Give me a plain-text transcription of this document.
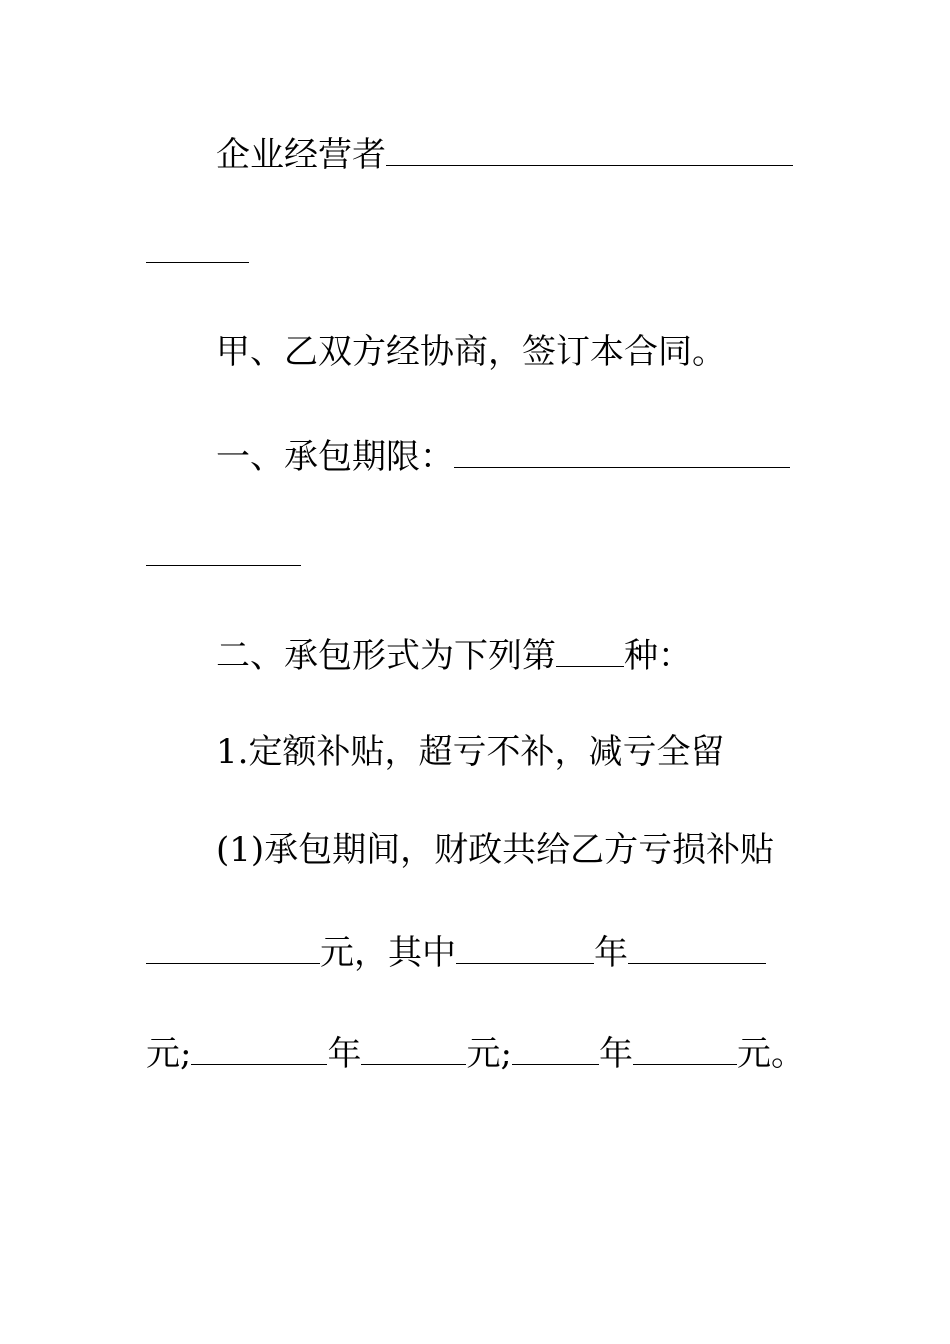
企业经营者
甲、乙双方经协商，签订本合同。
一、承包期限：
二、承包形式为下列第 种：
1.定额补贴，超亏不补，减亏全留
(1)承包期间，财政共给乙方亏损补贴
元，其中	年
元;	年	元;	年	元。
